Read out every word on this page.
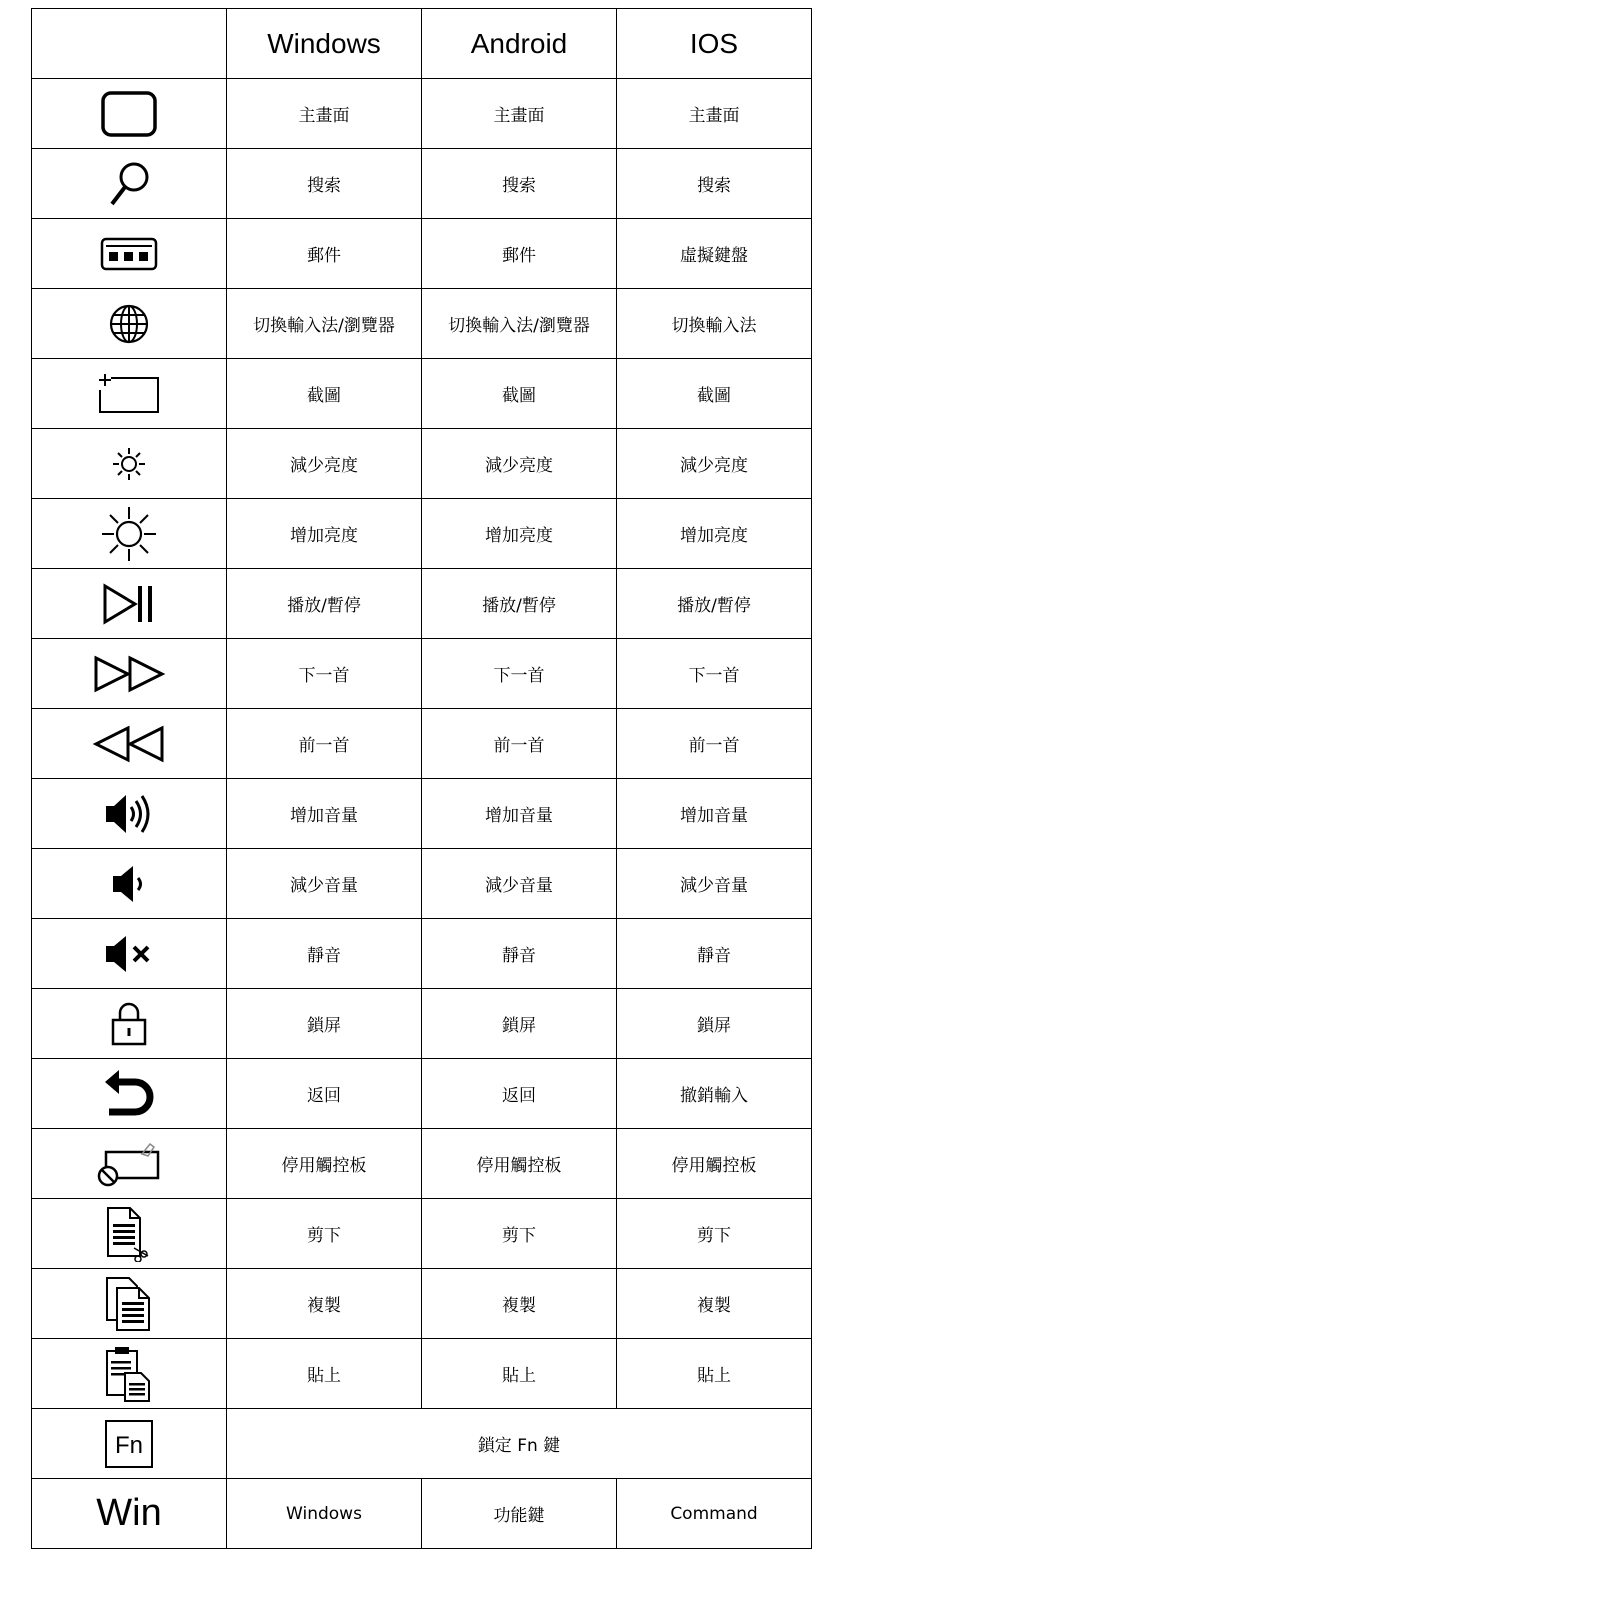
	Windows	Android	IOS

	主畫面	主畫面	主畫面

	搜索	搜索	搜索

	郵件	郵件	虛擬鍵盤

	切換輸入法/瀏覽器	切換輸入法/瀏覽器	切換輸入法

	截圖	截圖	截圖

	減少亮度	減少亮度	減少亮度

	增加亮度	增加亮度	增加亮度

	播放/暫停	播放/暫停	播放/暫停

	下一首	下一首	下一首

	前一首	前一首	前一首

	增加音量	增加音量	增加音量

	減少音量	減少音量	減少音量

	靜音	靜音	靜音

	鎖屏	鎖屏	鎖屏

	返回	返回	撤銷輸入

	停用觸控板	停用觸控板	停用觸控板

	剪下	剪下	剪下

	複製	複製	複製

	貼上	貼上	貼上

Fn	鎖定 Fn 鍵		
Win	Windows	功能鍵	Command
